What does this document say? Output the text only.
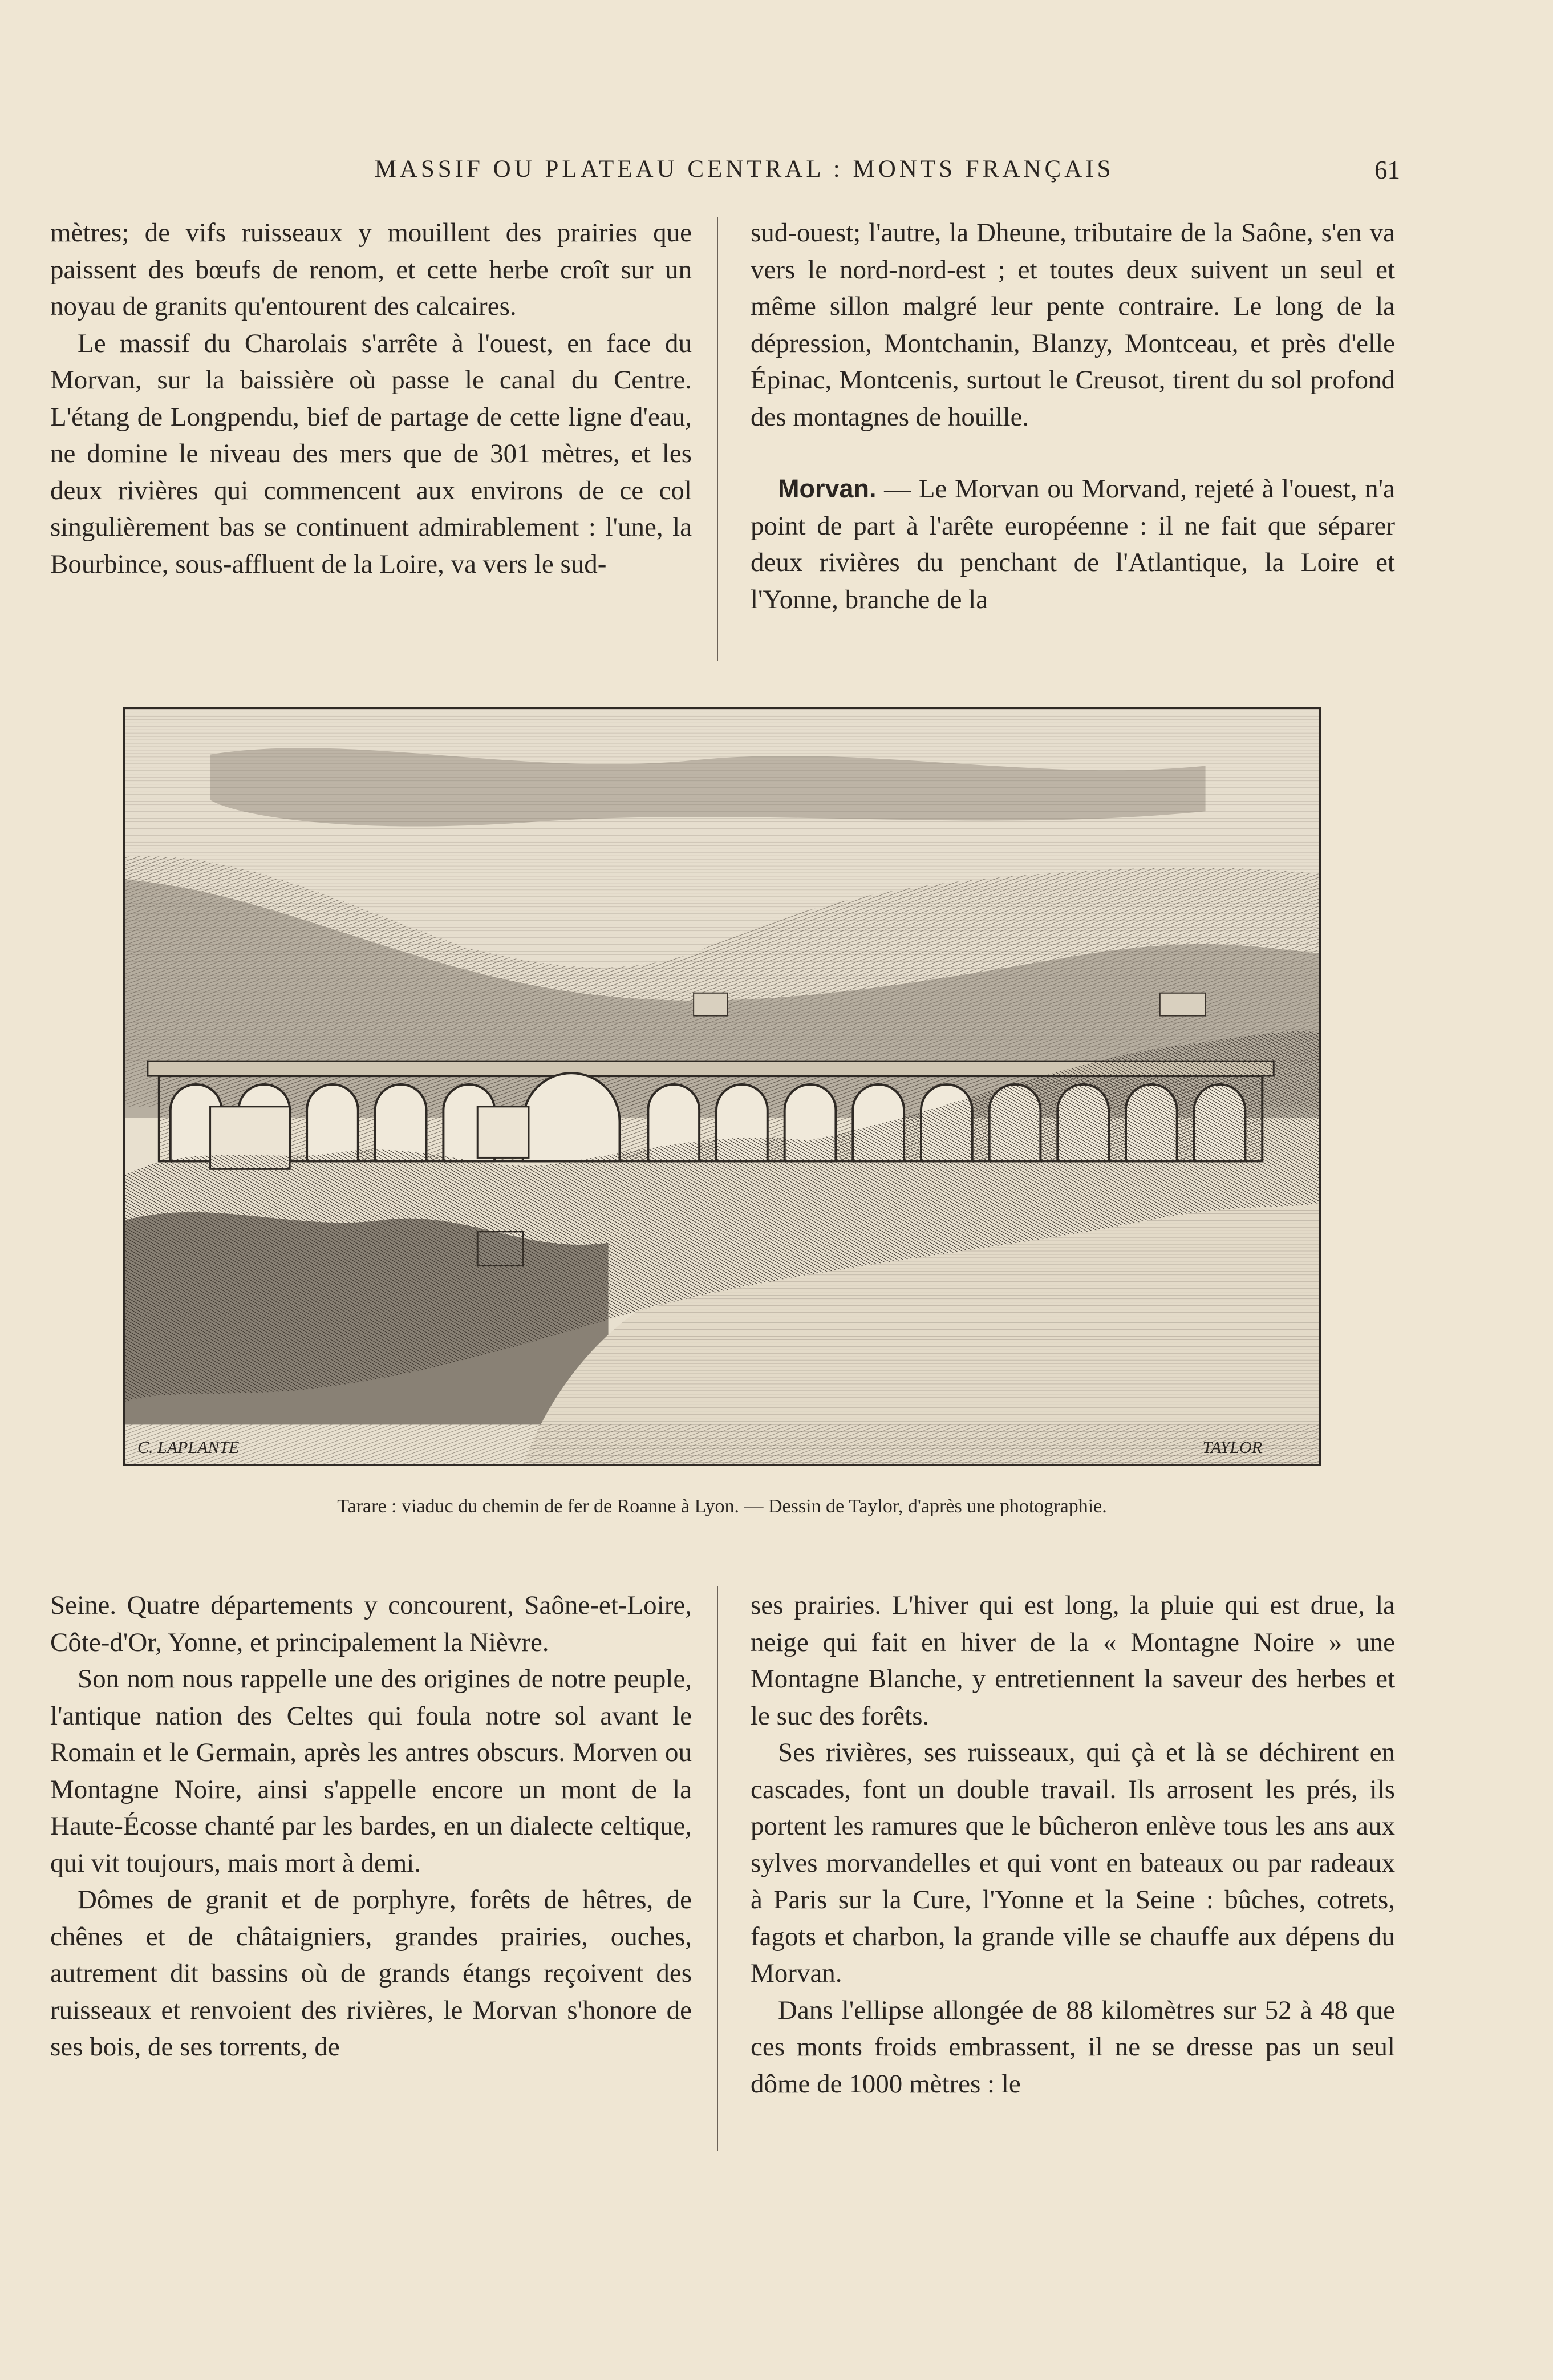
MASSIF OU PLATEAU CENTRAL : MONTS FRANÇAIS	61

mètres; de vifs ruisseaux y mouillent des prairies que paissent des bœufs de renom, et cette herbe croît sur un noyau de granits qu'entourent des calcaires.

Le massif du Charolais s'arrête à l'ouest, en face du Morvan, sur la baissière où passe le canal du Centre. L'étang de Longpendu, bief de partage de cette ligne d'eau, ne domine le niveau des mers que de 301 mètres, et les deux rivières qui commencent aux environs de ce col singulièrement bas se continuent admirablement : l'une, la Bourbince, sous-affluent de la Loire, va vers le sud-

sud-ouest; l'autre, la Dheune, tributaire de la Saône, s'en va vers le nord-nord-est ; et toutes deux suivent un seul et même sillon malgré leur pente contraire. Le long de la dépression, Montchanin, Blanzy, Montceau, et près d'elle Épinac, Montcenis, surtout le Creusot, tirent du sol profond des montagnes de houille.

Morvan. — Le Morvan ou Morvand, rejeté à l'ouest, n'a point de part à l'arête européenne : il ne fait que séparer deux rivières du penchant de l'Atlantique, la Loire et l'Yonne, branche de la

C. LAPLANTE	TAYLOR
Tarare : viaduc du chemin de fer de Roanne à Lyon. — Dessin de Taylor, d'après une photographie.

Seine. Quatre départements y concourent, Saône-et-Loire, Côte-d'Or, Yonne, et principalement la Nièvre.

Son nom nous rappelle une des origines de notre peuple, l'antique nation des Celtes qui foula notre sol avant le Romain et le Germain, après les antres obscurs. Morven ou Montagne Noire, ainsi s'appelle encore un mont de la Haute-Écosse chanté par les bardes, en un dialecte celtique, qui vit toujours, mais mort à demi.

Dômes de granit et de porphyre, forêts de hêtres, de chênes et de châtaigniers, grandes prairies, ouches, autrement dit bassins où de grands étangs reçoivent des ruisseaux et renvoient des rivières, le Morvan s'honore de ses bois, de ses torrents, de

ses prairies. L'hiver qui est long, la pluie qui est drue, la neige qui fait en hiver de la « Montagne Noire » une Montagne Blanche, y entretiennent la saveur des herbes et le suc des forêts.

Ses rivières, ses ruisseaux, qui çà et là se déchirent en cascades, font un double travail. Ils arrosent les prés, ils portent les ramures que le bûcheron enlève tous les ans aux sylves morvandelles et qui vont en bateaux ou par radeaux à Paris sur la Cure, l'Yonne et la Seine : bûches, cotrets, fagots et charbon, la grande ville se chauffe aux dépens du Morvan.

Dans l'ellipse allongée de 88 kilomètres sur 52 à 48 que ces monts froids embrassent, il ne se dresse pas un seul dôme de 1000 mètres : le
